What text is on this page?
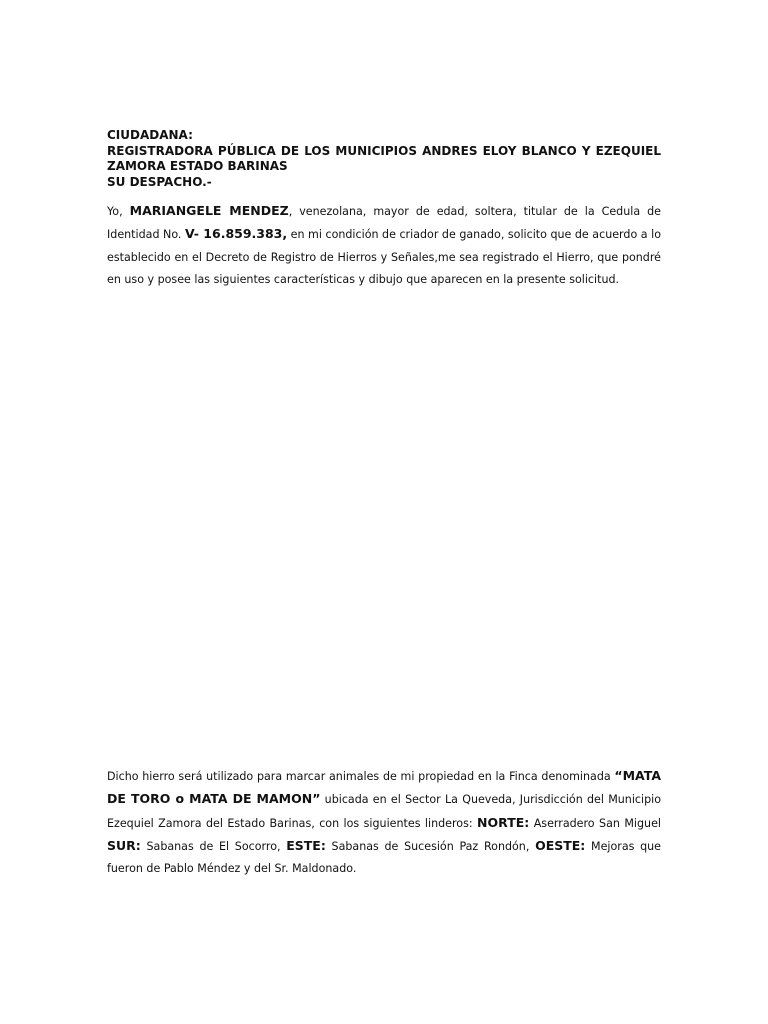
CIUDADANA:
REGISTRADORA PÚBLICA DE LOS MUNICIPIOS ANDRES ELOY BLANCO Y EZEQUIEL ZAMORA ESTADO BARINAS
SU DESPACHO.-

Yo, MARIANGELE MENDEZ, venezolana, mayor de edad, soltera, titular de la Cedula de Identidad No. V- 16.859.383, en mi condición de criador de ganado, solicito que de acuerdo a lo establecido en el Decreto de Registro de Hierros y Señales,me sea registrado el Hierro, que pondré en uso y posee las siguientes características y dibujo que aparecen en la presente solicitud.

Dicho hierro será utilizado para marcar animales de mi propiedad en la Finca denominada “MATA DE TORO o MATA DE MAMON” ubicada en el Sector La Queveda, Jurisdicción del Municipio Ezequiel Zamora del Estado Barinas, con los siguientes linderos: NORTE: Aserradero San Miguel SUR: Sabanas de El Socorro, ESTE: Sabanas de Sucesión Paz Rondón, OESTE: Mejoras que fueron de Pablo Méndez y del Sr. Maldonado.
